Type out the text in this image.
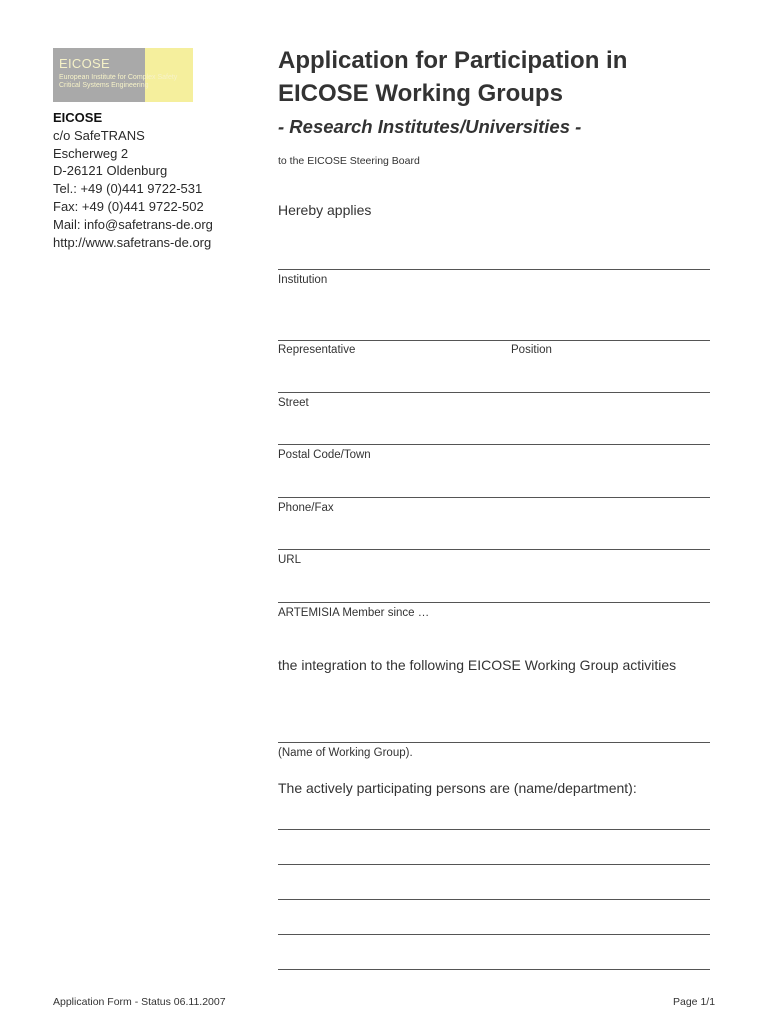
EICOSE
European Institute for Complex Safety
Critical Systems Engineering
EICOSE
c/o SafeTRANS
Escherweg 2
D-26121 Oldenburg
Tel.: +49 (0)441 9722-531
Fax: +49 (0)441 9722-502
Mail: info@safetrans-de.org
http://www.safetrans-de.org
Application for Participation in
EICOSE Working Groups
- Research Institutes/Universities -
to the EICOSE Steering Board
Hereby applies
Institution
Representative	Position
Street
Postal Code/Town
Phone/Fax
URL
ARTEMISIA Member since …
the integration to the following EICOSE Working Group activities
(Name of Working Group).
The actively participating persons are (name/department):
Application Form - Status 06.11.2007	Page 1/1
